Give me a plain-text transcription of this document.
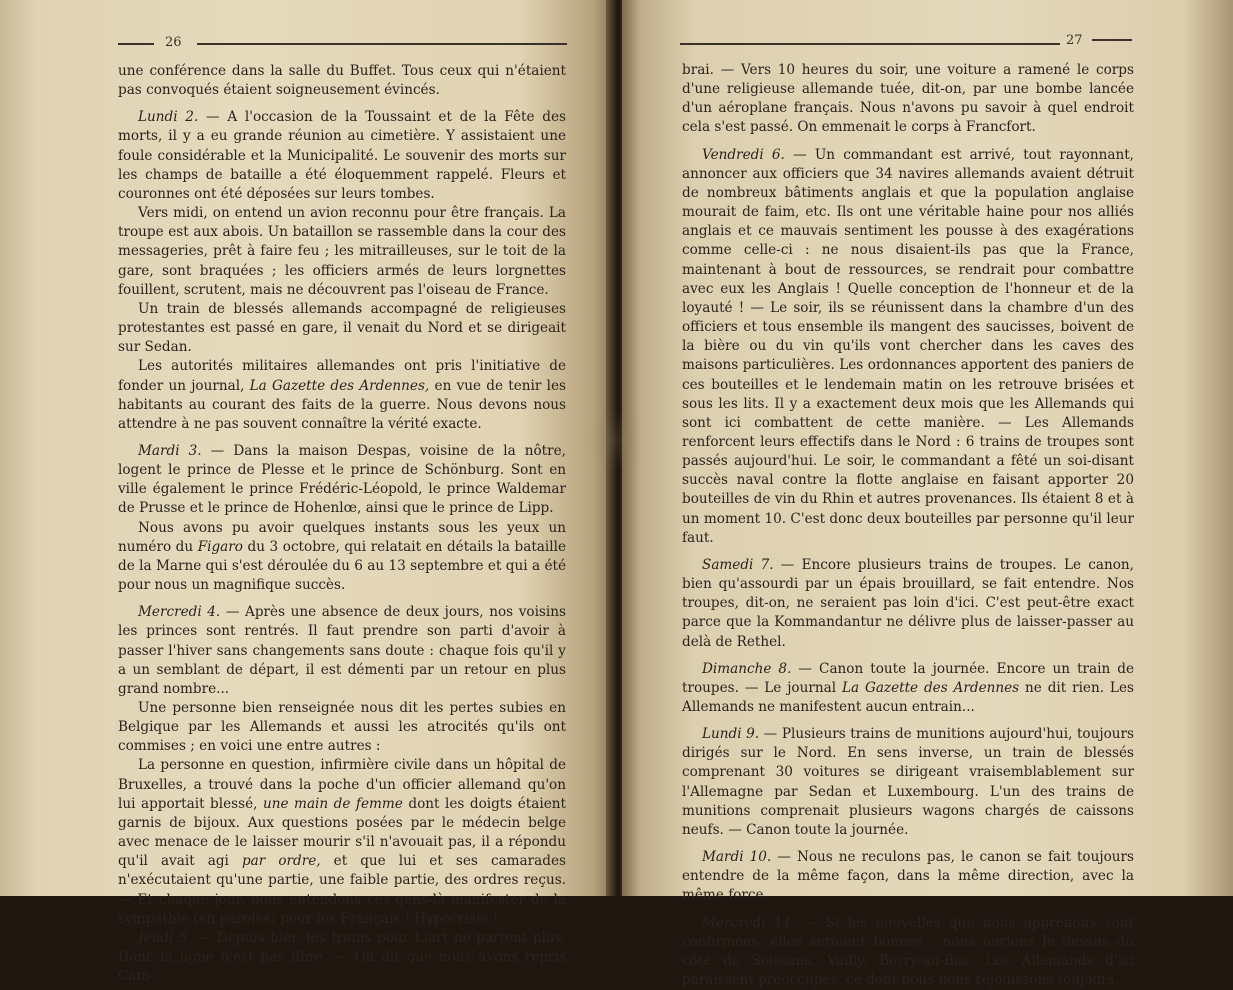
26

une conférence dans la salle du Buffet. Tous ceux qui n'étaient pas convoqués étaient soigneusement évincés.

Lundi 2. — A l'occasion de la Toussaint et de la Fête des morts, il y a eu grande réunion au cimetière. Y assistaient une foule considérable et la Municipalité. Le souvenir des morts sur les champs de bataille a été éloquemment rappelé. Fleurs et couronnes ont été déposées sur leurs tombes.

Vers midi, on entend un avion reconnu pour être français. La troupe est aux abois. Un bataillon se rassemble dans la cour des messageries, prêt à faire feu ; les mitrailleuses, sur le toit de la gare, sont braquées ; les officiers armés de leurs lorgnettes fouillent, scrutent, mais ne découvrent pas l'oiseau de France.

Un train de blessés allemands accompagné de religieuses protestantes est passé en gare, il venait du Nord et se dirigeait sur Sedan.

Les autorités militaires allemandes ont pris l'initiative de fonder un journal, La Gazette des Ardennes, en vue de tenir les habitants au courant des faits de la guerre. Nous devons nous attendre à ne pas souvent connaître la vérité exacte.

Mardi 3. — Dans la maison Despas, voisine de la nôtre, logent le prince de Plesse et le prince de Schönburg. Sont en ville également le prince Frédéric-Léopold, le prince Waldemar de Prusse et le prince de Hohenlœ, ainsi que le prince de Lipp.

Nous avons pu avoir quelques instants sous les yeux un numéro du Figaro du 3 octobre, qui relatait en détails la bataille de la Marne qui s'est déroulée du 6 au 13 septembre et qui a été pour nous un magnifique succès.

Mercredi 4. — Après une absence de deux jours, nos voisins les princes sont rentrés. Il faut prendre son parti d'avoir à passer l'hiver sans changements sans doute : chaque fois qu'il y a un semblant de départ, il est démenti par un retour en plus grand nombre...

Une personne bien renseignée nous dit les pertes subies en Belgique par les Allemands et aussi les atrocités qu'ils ont commises ; en voici une entre autres :

La personne en question, infirmière civile dans un hôpital de Bruxelles, a trouvé dans la poche d'un officier allemand qu'on lui apportait blessé, une main de femme dont les doigts étaient garnis de bijoux. Aux questions posées par le médecin belge avec menace de le laisser mourir s'il n'avouait pas, il a répondu qu'il avait agi par ordre, et que lui et ses camarades n'exécutaient qu'une partie, une faible partie, des ordres reçus. — Et chaque jour, nous entendons ces gens-là manifester de la sympathie (en paroles) pour les Français ! Hypocrisie !

Jeudi 5. — Depuis hier, les trains pour Liart ne partent plus. Donc la ligne n'est pas libre. — On dit que nous avons repris Cam-

27

brai. — Vers 10 heures du soir, une voiture a ramené le corps d'une religieuse allemande tuée, dit-on, par une bombe lancée d'un aéroplane français. Nous n'avons pu savoir à quel endroit cela s'est passé. On emmenait le corps à Francfort.

Vendredi 6. — Un commandant est arrivé, tout rayonnant, annoncer aux officiers que 34 navires allemands avaient détruit de nombreux bâtiments anglais et que la population anglaise mourait de faim, etc. Ils ont une véritable haine pour nos alliés anglais et ce mauvais sentiment les pousse à des exagérations comme celle-ci : ne nous disaient-ils pas que la France, maintenant à bout de ressources, se rendrait pour combattre avec eux les Anglais ! Quelle conception de l'honneur et de la loyauté ! — Le soir, ils se réunissent dans la chambre d'un des officiers et tous ensemble ils mangent des saucisses, boivent de la bière ou du vin qu'ils vont chercher dans les caves des maisons particulières. Les ordonnances apportent des paniers de ces bouteilles et le lendemain matin on les retrouve brisées et sous les lits. Il y a exactement deux mois que les Allemands qui sont ici combattent de cette manière. — Les Allemands renforcent leurs effectifs dans le Nord : 6 trains de troupes sont passés aujourd'hui. Le soir, le commandant a fêté un soi-disant succès naval contre la flotte anglaise en faisant apporter 20 bouteilles de vin du Rhin et autres provenances. Ils étaient 8 et à un moment 10. C'est donc deux bouteilles par personne qu'il leur faut.

Samedi 7. — Encore plusieurs trains de troupes. Le canon, bien qu'assourdi par un épais brouillard, se fait entendre. Nos troupes, dit-on, ne seraient pas loin d'ici. C'est peut-être exact parce que la Kommandantur ne délivre plus de laisser-passer au delà de Rethel.

Dimanche 8. — Canon toute la journée. Encore un train de troupes. — Le journal La Gazette des Ardennes ne dit rien. Les Allemands ne manifestent aucun entrain...

Lundi 9. — Plusieurs trains de munitions aujourd'hui, toujours dirigés sur le Nord. En sens inverse, un train de blessés comprenant 30 voitures se dirigeant vraisemblablement sur l'Allemagne par Sedan et Luxembourg. L'un des trains de munitions comprenait plusieurs wagons chargés de caissons neufs. — Canon toute la journée.

Mardi 10. — Nous ne reculons pas, le canon se fait toujours entendre de la même façon, dans la même direction, avec la même force.

Mercredi 11. — Si les nouvelles que nous apprenons sont confirmées, elles seraient bonnes : nous aurions le dessus du côté de Soissans, Vailly, Berry-au-Bac. Les Allemands d'ici paraissent préoccupés, ce dont nous nous réjouissons toujours.
